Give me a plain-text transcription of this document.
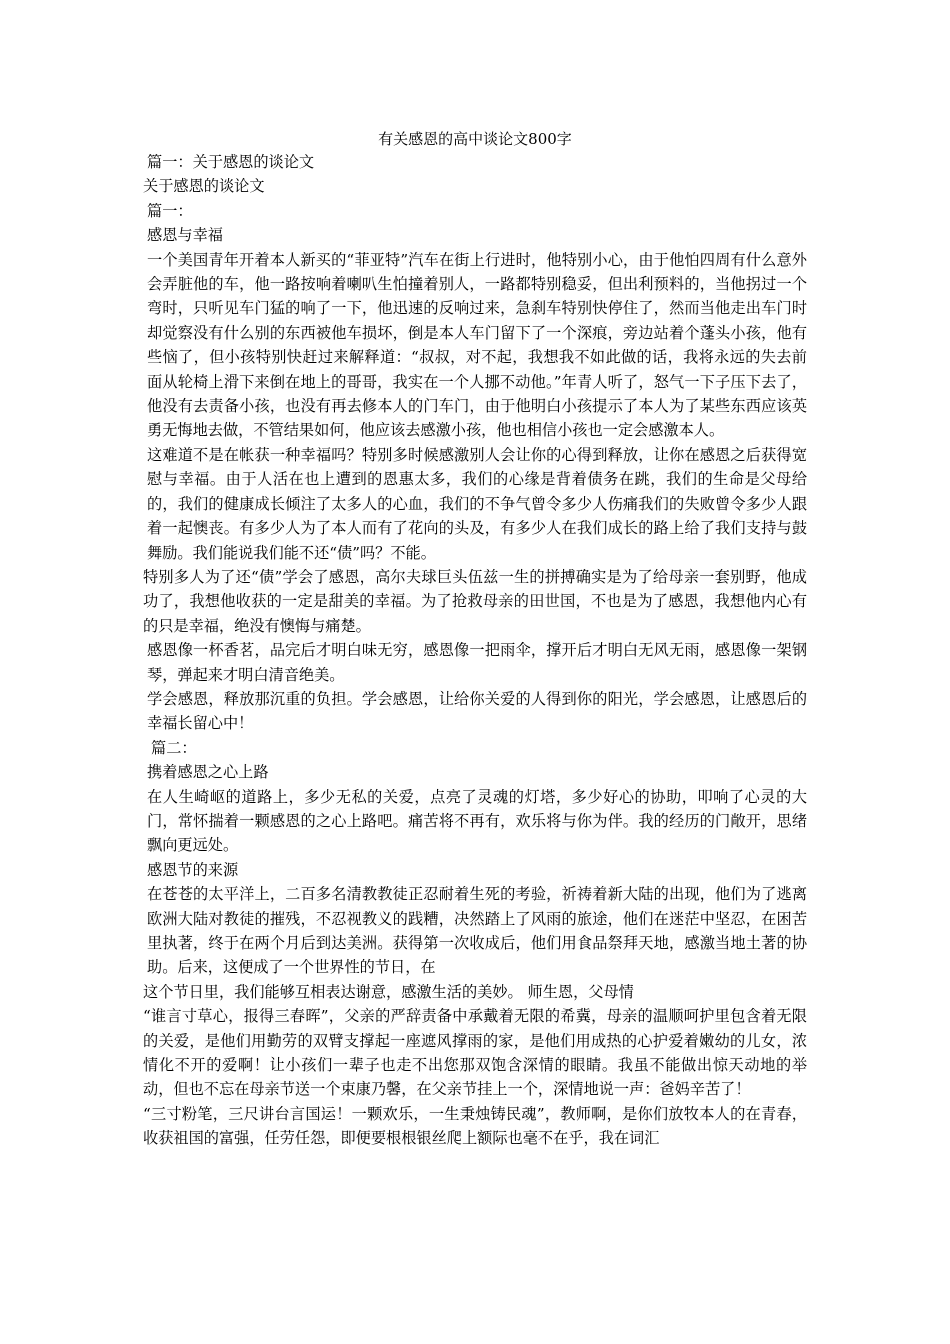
有关感恩的高中谈论文800字

篇一：关于感恩的谈论文

关于感恩的谈论文

篇一：

感恩与幸福

一个美国青年开着本人新买的“菲亚特”汽车在街上行进时，他特别小心，由于他怕四周有什么意外会弄脏他的车，他一路按响着喇叭生怕撞着别人，一路都特别稳妥，但出利预料的，当他拐过一个弯时，只听见车门猛的响了一下，他迅速的反响过来，急刹车特别快停住了，然而当他走出车门时却觉察没有什么别的东西被他车损坏，倒是本人车门留下了一个深痕，旁边站着个蓬头小孩，他有些恼了，但小孩特别快赶过来解释道：“叔叔，对不起，我想我不如此做的话，我将永远的失去前面从轮椅上滑下来倒在地上的哥哥，我实在一个人挪不动他。”年青人听了，怒气一下子压下去了，他没有去责备小孩，也没有再去修本人的门车门，由于他明白小孩提示了本人为了某些东西应该英勇无悔地去做，不管结果如何，他应该去感激小孩，他也相信小孩也一定会感激本人。

这难道不是在帐获一种幸福吗？特别多时候感激别人会让你的心得到释放，让你在感恩之后获得宽慰与幸福。由于人活在也上遭到的恩惠太多，我们的心缘是背着债务在跳，我们的生命是父母给的，我们的健康成长倾注了太多人的心血，我们的不争气曾令多少人伤痛我们的失败曾令多少人跟着一起懊丧。有多少人为了本人而有了花向的头及，有多少人在我们成长的路上给了我们支持与鼓舞励。我们能说我们能不还“债”吗？不能。

特别多人为了还“债”学会了感恩，高尔夫球巨头伍兹一生的拼搏确实是为了给母亲一套别野，他成功了，我想他收获的一定是甜美的幸福。为了抢救母亲的田世国，不也是为了感恩，我想他内心有的只是幸福，绝没有懊悔与痛楚。

感恩像一杯香茗，品完后才明白味无穷，感恩像一把雨伞，撑开后才明白无风无雨，感恩像一架钢琴，弹起来才明白清音绝美。

学会感恩，释放那沉重的负担。学会感恩，让给你关爱的人得到你的阳光，学会感恩，让感恩后的幸福长留心中！

篇二：

携着感恩之心上路

在人生崎岖的道路上，多少无私的关爱，点亮了灵魂的灯塔，多少好心的协助，叩响了心灵的大门，常怀揣着一颗感恩的之心上路吧。痛苦将不再有，欢乐将与你为伴。我的经历的门敞开，思绪飘向更远处。

感恩节的来源

在苍苍的太平洋上，二百多名清教教徒正忍耐着生死的考验，祈祷着新大陆的出现，他们为了逃离欧洲大陆对教徒的摧残，不忍视教义的践糟，决然踏上了风雨的旅途，他们在迷茫中坚忍，在困苦里执著，终于在两个月后到达美洲。获得第一次收成后，他们用食品祭拜天地，感激当地土著的协助。后来，这便成了一个世界性的节日，在

这个节日里，我们能够互相表达谢意，感激生活的美妙。 师生恩，父母情

“谁言寸草心，报得三春晖”，父亲的严辞责备中承戴着无限的希冀，母亲的温顺呵护里包含着无限的关爱，是他们用勤劳的双臂支撑起一座遮风撑雨的家，是他们用成热的心护爱着嫩幼的儿女，浓情化不开的爱啊！让小孩们一辈子也走不出您那双饱含深情的眼睛。我虽不能做出惊天动地的举动，但也不忘在母亲节送一个束康乃馨，在父亲节挂上一个，深情地说一声：爸妈辛苦了！

“三寸粉笔，三尺讲台言国运！一颗欢乐，一生秉烛铸民魂”，教师啊，是你们放牧本人的在青春，收获祖国的富强，任劳任怨，即便要根根银丝爬上额际也毫不在乎，我在词汇
